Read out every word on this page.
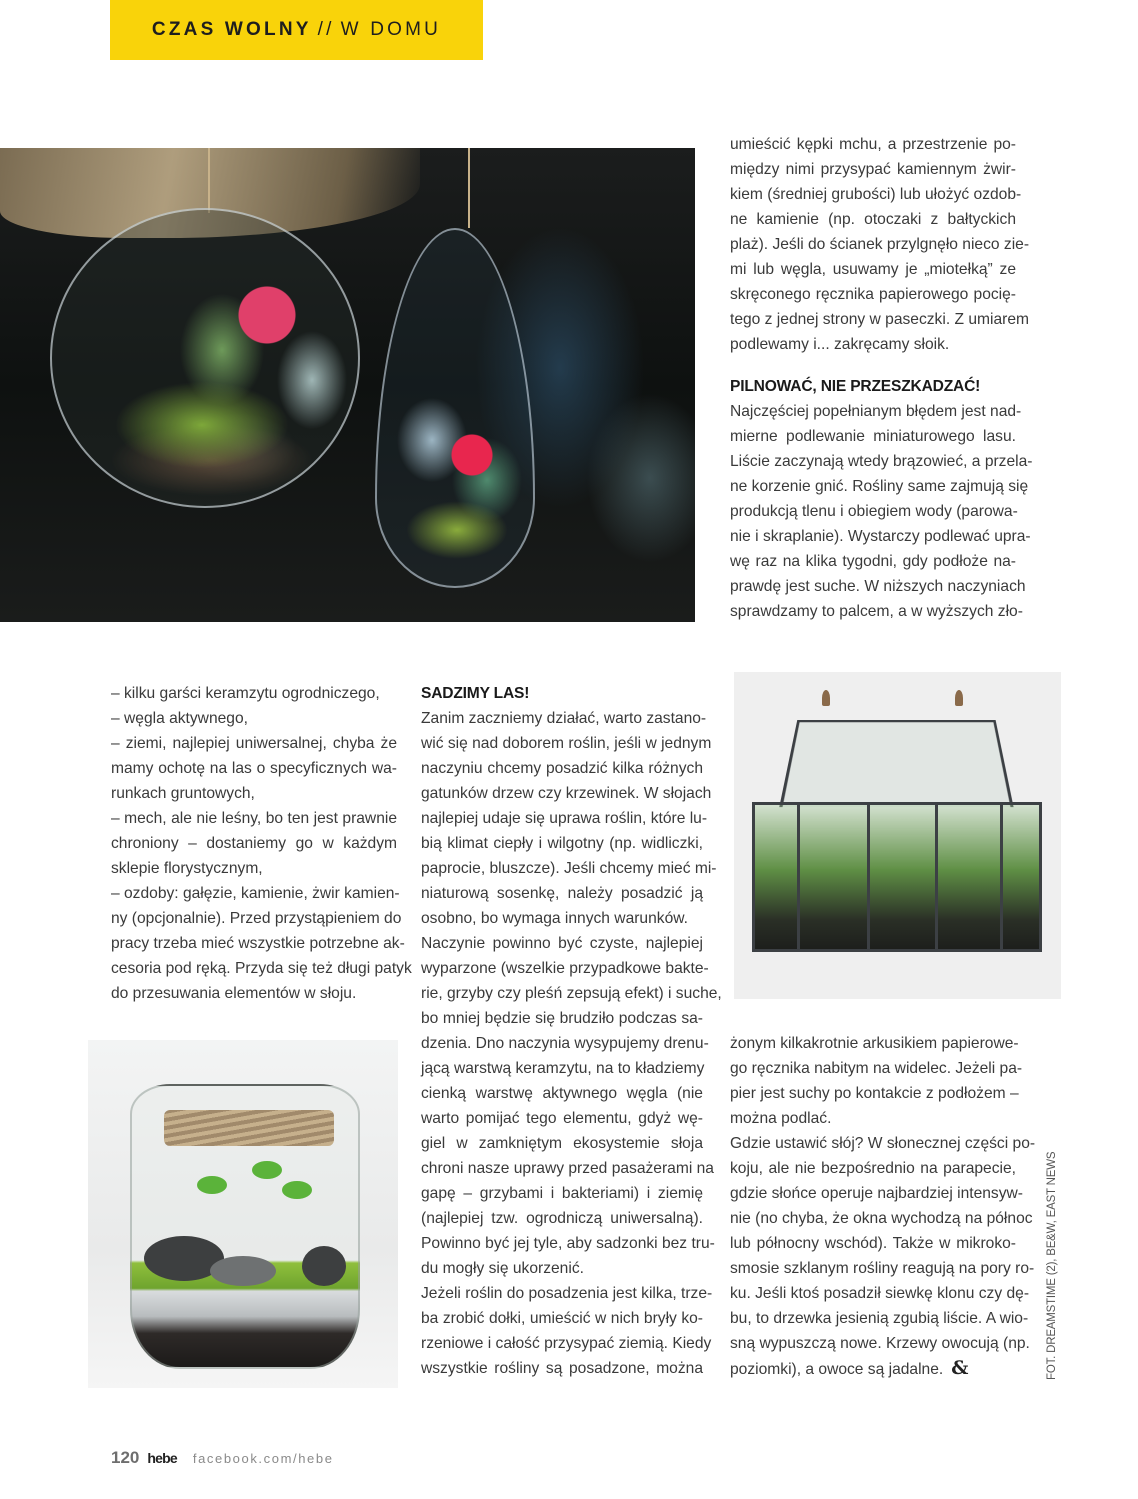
CZAS WOLNY // W DOMU
umieścić kępki mchu, a przestrzenie po-
między nimi przysypać kamiennym żwir-
kiem (średniej grubości) lub ułożyć ozdob-
ne kamienie (np. otoczaki z bałtyckich
plaż). Jeśli do ścianek przylgnęło nieco zie-
mi lub węgla, usuwamy je „miotełką” ze
skręconego ręcznika papierowego pocię-
tego z jednej strony w paseczki. Z umiarem
podlewamy i... zakręcamy słoik.
PILNOWAĆ, NIE PRZESZKADZAĆ!
Najczęściej popełnianym błędem jest nad-
mierne podlewanie miniaturowego lasu.
Liście zaczynają wtedy brązowieć, a przela-
ne korzenie gnić. Rośliny same zajmują się
produkcją tlenu i obiegiem wody (parowa-
nie i skraplanie). Wystarczy podlewać upra-
wę raz na klika tygodni, gdy podłoże na-
prawdę jest suche. W niższych naczyniach
sprawdzamy to palcem, a w wyższych zło-
– kilku garści keramzytu ogrodniczego,
– węgla aktywnego,
– ziemi, najlepiej uniwersalnej, chyba że
mamy ochotę na las o specyficznych wa-
runkach gruntowych,
– mech, ale nie leśny, bo ten jest prawnie
chroniony – dostaniemy go w każdym
sklepie florystycznym,
– ozdoby: gałęzie, kamienie, żwir kamien-
ny (opcjonalnie). Przed przystąpieniem do
pracy trzeba mieć wszystkie potrzebne ak-
cesoria pod ręką. Przyda się też długi patyk
do przesuwania elementów w słoju.
SADZIMY LAS!
Zanim zaczniemy działać, warto zastano-
wić się nad doborem roślin, jeśli w jednym
naczyniu chcemy posadzić kilka różnych
gatunków drzew czy krzewinek. W słojach
najlepiej udaje się uprawa roślin, które lu-
bią klimat ciepły i wilgotny (np. widliczki,
paprocie, bluszcze). Jeśli chcemy mieć mi-
niaturową sosenkę, należy posadzić ją
osobno, bo wymaga innych warunków.
Naczynie powinno być czyste, najlepiej
wyparzone (wszelkie przypadkowe bakte-
rie, grzyby czy pleśń zepsują efekt) i suche,
bo mniej będzie się brudziło podczas sa-
dzenia. Dno naczynia wysypujemy drenu-
jącą warstwą keramzytu, na to kładziemy
cienką warstwę aktywnego węgla (nie
warto pomijać tego elementu, gdyż wę-
giel w zamkniętym ekosystemie słoja
chroni nasze uprawy przed pasażerami na
gapę – grzybami i bakteriami) i ziemię
(najlepiej tzw. ogrodniczą uniwersalną).
Powinno być jej tyle, aby sadzonki bez tru-
du mogły się ukorzenić.
Jeżeli roślin do posadzenia jest kilka, trze-
ba zrobić dołki, umieścić w nich bryły ko-
rzeniowe i całość przysypać ziemią. Kiedy
wszystkie rośliny są posadzone, można
żonym kilkakrotnie arkusikiem papierowe-
go ręcznika nabitym na widelec. Jeżeli pa-
pier jest suchy po kontakcie z podłożem –
można podlać.
Gdzie ustawić słój? W słonecznej części po-
koju, ale nie bezpośrednio na parapecie,
gdzie słońce operuje najbardziej intensyw-
nie (no chyba, że okna wychodzą na północ
lub północny wschód). Także w mikroko-
smosie szklanym rośliny reagują na pory ro-
ku. Jeśli ktoś posadził siewkę klonu czy dę-
bu, to drzewka jesienią zgubią liście. A wio-
sną wypuszczą nowe. Krzewy owocują (np.
poziomki), a owoce są jadalne. &	FOT. DREAMSTIME (2), BE&W, EAST NEWS
120 hebe facebook.com/hebe
